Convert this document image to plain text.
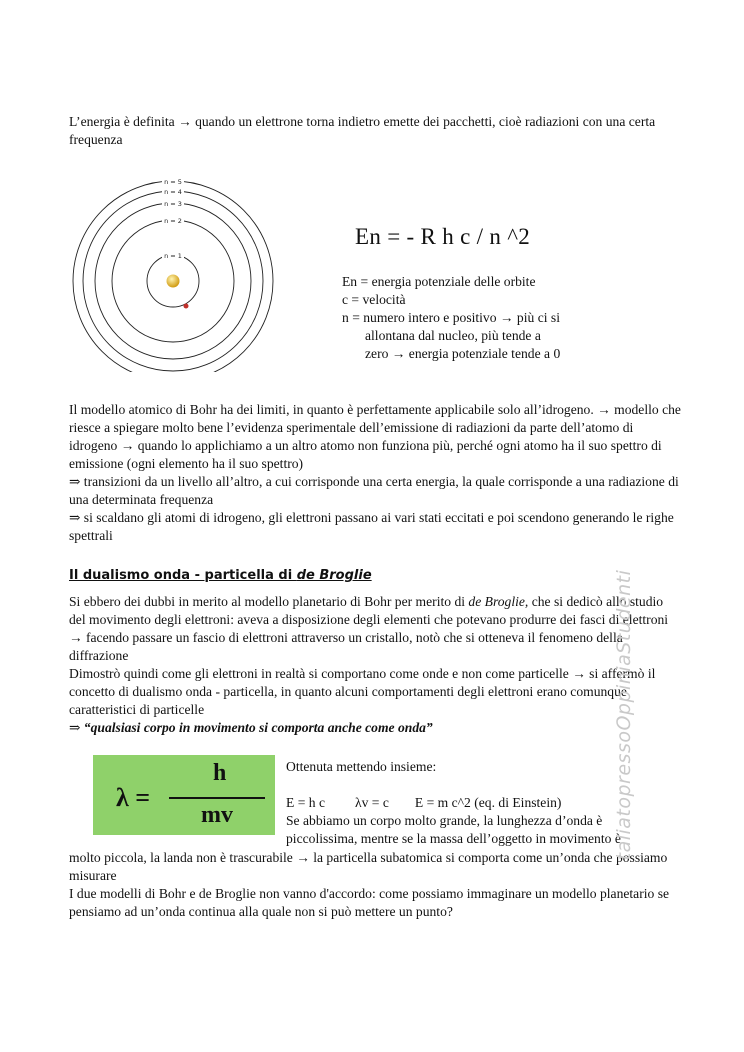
L’energia è definita → quando un elettrone torna indietro emette dei pacchetti, cioè radiazioni con una certa frequenza
n = 5
n = 4
n = 3
n = 2
n = 1
En = - R h c / n ^2
En = energia potenziale delle orbite
c = velocità
n = numero intero e positivo → più ci si
allontana dal nucleo, più tende a
zero → energia potenziale tende a 0
Il modello atomico di Bohr ha dei limiti, in quanto è perfettamente applicabile solo all’idrogeno. → modello che riesce a spiegare molto bene l’evidenza sperimentale dell’emissione di radiazioni da parte dell’atomo di idrogeno → quando lo applichiamo a un altro atomo non funziona più, perché ogni atomo ha il suo spettro di emissione (ogni elemento ha il suo spettro)
⇒ transizioni da un livello all’altro, a cui corrisponde una certa energia, la quale corrisponde a una radiazione di una determinata frequenza
⇒ si scaldano gli atomi di idrogeno, gli elettroni passano ai vari stati eccitati e poi scendono generando le righe spettrali
Il dualismo onda - particella di de Broglie
Si ebbero dei dubbi in merito al modello planetario di Bohr per merito di de Broglie, che si dedicò allo studio del movimento degli elettroni: aveva a disposizione degli elementi che potevano produrre dei fasci di elettroni → facendo passare un fascio di elettroni attraverso un cristallo, notò che si otteneva il fenomeno della diffrazione
Dimostrò quindi come gli elettroni in realtà si comportano come onde e non come particelle → si affermò il concetto di dualismo onda - particella, in quanto alcuni comportamenti degli elettroni erano comunque caratteristici di particelle
⇒ “qualsiasi corpo in movimento si comporta anche come onda”
λ =
h
mv
Ottenuta mettendo insieme:
E = h c λv = c E = m c^2 (eq. di Einstein)
Se abbiamo un corpo molto grande, la lunghezza d’onda è
piccolissima, mentre se la massa dell’oggetto in movimento è
molto piccola, la landa non è trascurabile → la particella subatomica si comporta come un’onda che possiamo misurare
I due modelli di Bohr e de Broglie non vanno d'accordo: come possiamo immaginare un modello planetario se pensiamo ad un’onda continua alla quale non si può mettere un punto?
taliatopressoOppiniaStudenti
